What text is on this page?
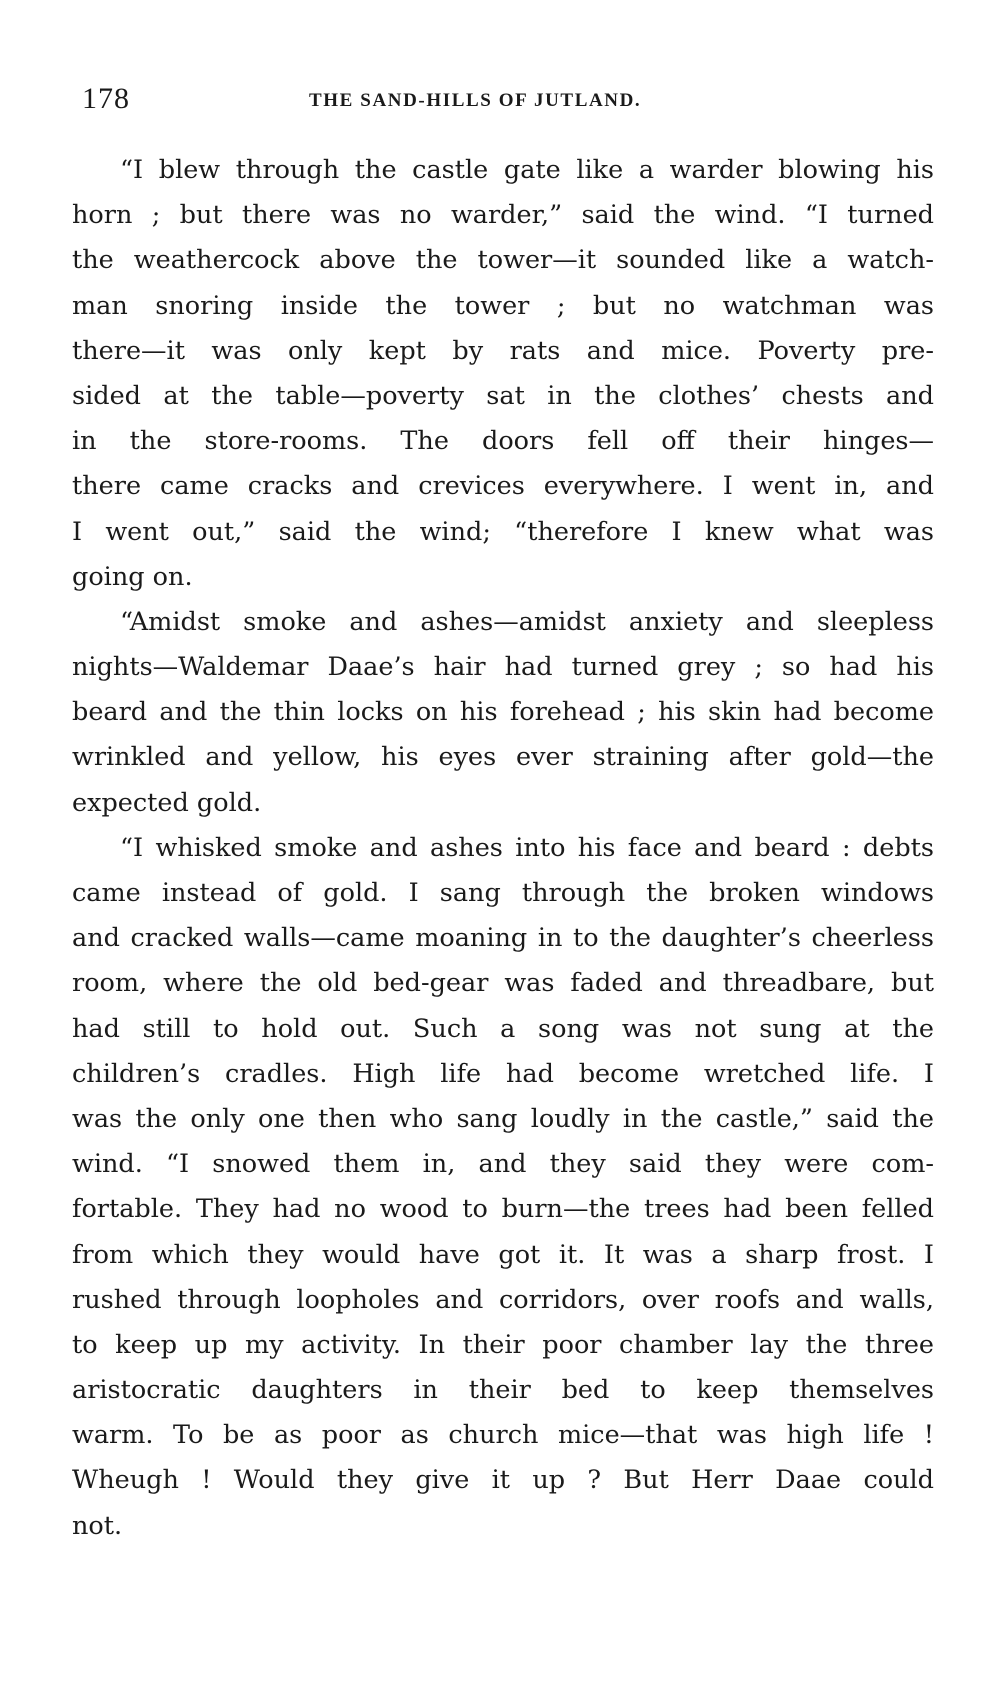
178	THE SAND-HILLS OF JUTLAND.
“I blew through the castle gate like a warder blowing his
horn ; but there was no warder,” said the wind. “I turned
the weathercock above the tower—it sounded like a watch-
man snoring inside the tower ; but no watchman was
there—it was only kept by rats and mice. Poverty pre-
sided at the table—poverty sat in the clothes’ chests and
in the store-rooms. The doors fell off their hinges—
there came cracks and crevices everywhere. I went in, and
I went out,” said the wind; “therefore I knew what was
going on.
“Amidst smoke and ashes—amidst anxiety and sleepless
nights—Waldemar Daae’s hair had turned grey ; so had his
beard and the thin locks on his forehead ; his skin had become
wrinkled and yellow, his eyes ever straining after gold—the
expected gold.
“I whisked smoke and ashes into his face and beard : debts
came instead of gold. I sang through the broken windows
and cracked walls—came moaning in to the daughter’s cheerless
room, where the old bed-gear was faded and threadbare, but
had still to hold out. Such a song was not sung at the
children’s cradles. High life had become wretched life. I
was the only one then who sang loudly in the castle,” said the
wind. “I snowed them in, and they said they were com-
fortable. They had no wood to burn—the trees had been felled
from which they would have got it. It was a sharp frost. I
rushed through loopholes and corridors, over roofs and walls,
to keep up my activity. In their poor chamber lay the three
aristocratic daughters in their bed to keep themselves
warm. To be as poor as church mice—that was high life !
Wheugh ! Would they give it up ? But Herr Daae could
not.
